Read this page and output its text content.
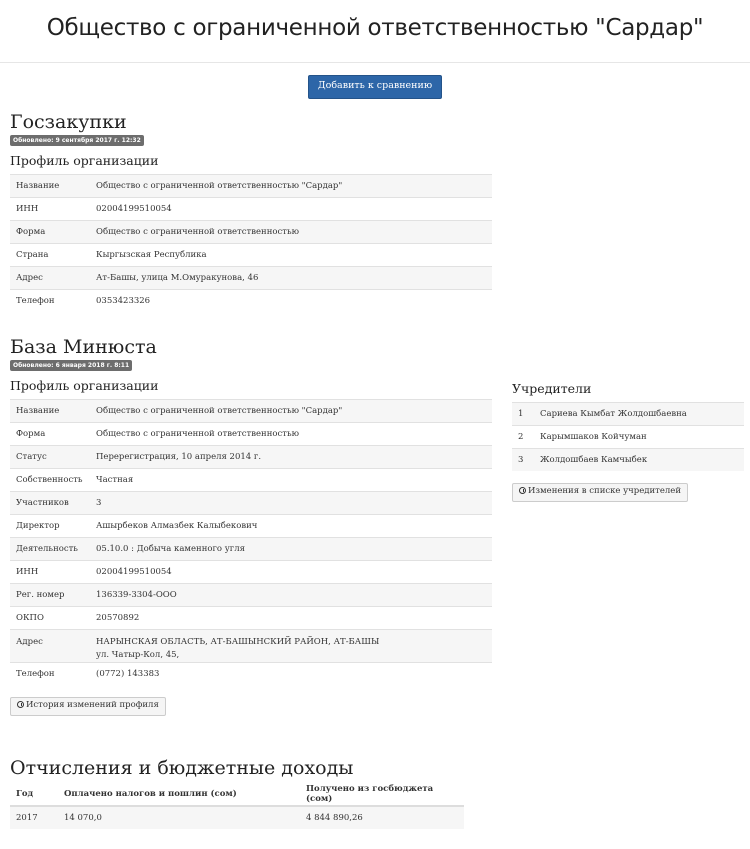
Общество с ограниченной ответственностью "Сардар"
Добавить к сравнению
Госзакупки
Обновлено: 9 сентября 2017 г. 12:32
Профиль организации
Название	Общество с ограниченной ответственностью "Сардар"
ИНН	02004199510054
Форма	Общество с ограниченной ответственностью
Страна	Кыргызская Республика
Адрес	Ат-Башы, улица М.Омуракунова, 46
Телефон	0353423326
База Минюста
Обновлено: 6 января 2018 г. 8:11
Профиль организации
Название	Общество с ограниченной ответственностью "Сардар"
Форма	Общество с ограниченной ответственностью
Статус	Перерегистрация, 10 апреля 2014 г.
Собственность	Частная
Участников	3
Директор	Ашырбеков Алмазбек Калыбекович
Деятельность	05.10.0 : Добыча каменного угля
ИНН	02004199510054
Рег. номер	136339-3304-ООО
ОКПО	20570892
Адрес	НАРЫНСКАЯ ОБЛАСТЬ, АТ-БАШЫНСКИЙ РАЙОН, АТ-БАШЫ
ул. Чатыр-Кол, 45,

Телефон	(0772) 143383
История изменений профиля
Учредители
1	Сариева Кымбат Жолдошбаевна
2	Карымшаков Койчуман
3	Жолдошбаев Камчыбек
Изменения в списке учредителей
Отчисления и бюджетные доходы
Год	Оплачено налогов и пошлин (сом)	Получено из госбюджета (сом)
2017	14 070,0	4 844 890,26
